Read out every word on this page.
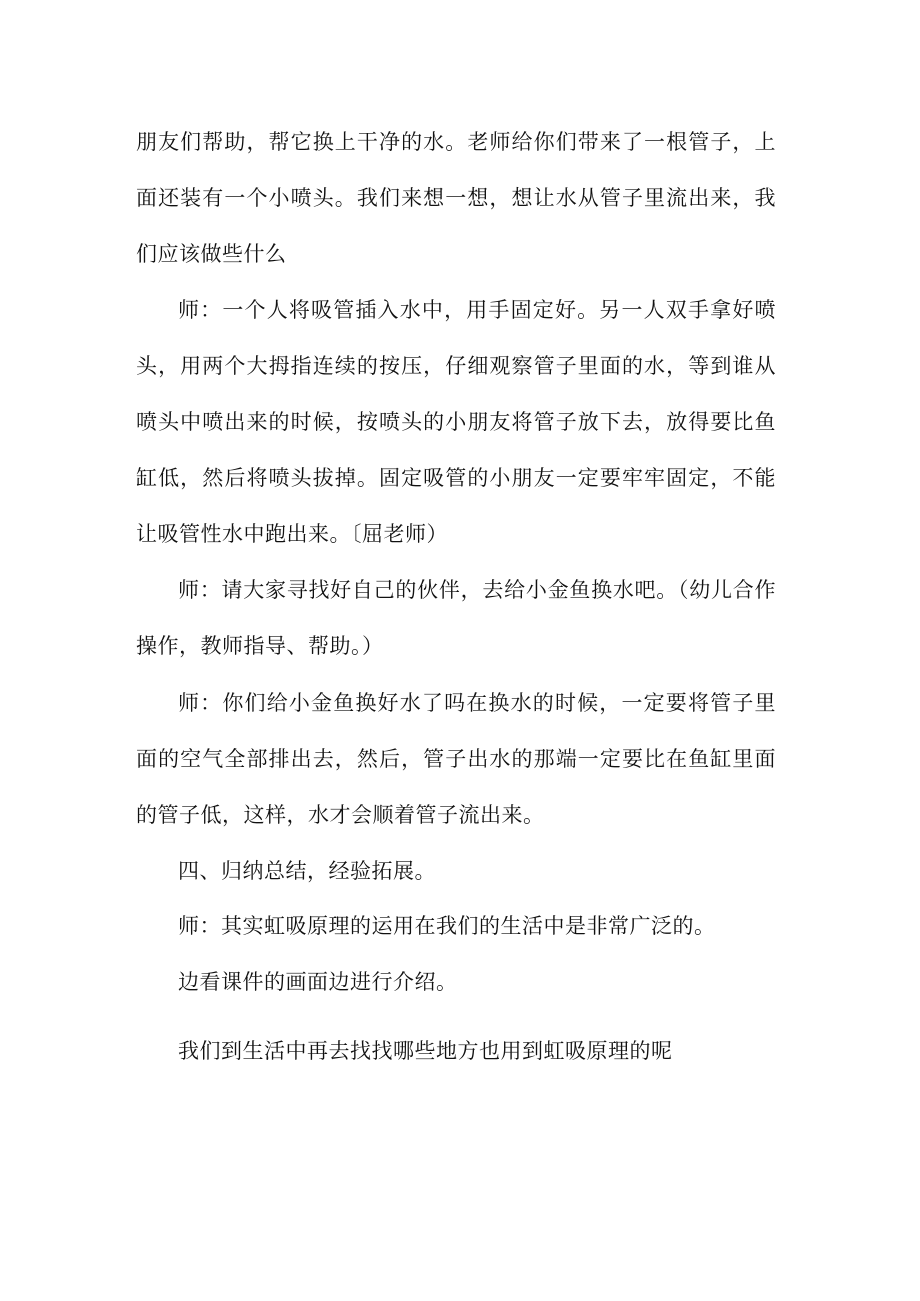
朋友们帮助，帮它换上干净的水。老师给你们带来了一根管子，上面还装有一个小喷头。我们来想一想，想让水从管子里流出来，我们应该做些什么

师：一个人将吸管插入水中，用手固定好。另一人双手拿好喷头，用两个大拇指连续的按压，仔细观察管子里面的水，等到谁从喷头中喷出来的时候，按喷头的小朋友将管子放下去，放得要比鱼缸低，然后将喷头拔掉。固定吸管的小朋友一定要牢牢固定，不能让吸管性水中跑出来。〔屈老师）

师：请大家寻找好自己的伙伴，去给小金鱼换水吧。（幼儿合作操作，教师指导、帮助。）

师：你们给小金鱼换好水了吗在换水的时候，一定要将管子里面的空气全部排出去，然后，管子出水的那端一定要比在鱼缸里面的管子低，这样，水才会顺着管子流出来。

四、归纳总结，经验拓展。

师：其实虹吸原理的运用在我们的生活中是非常广泛的。

边看课件的画面边进行介绍。

我们到生活中再去找找哪些地方也用到虹吸原理的呢
